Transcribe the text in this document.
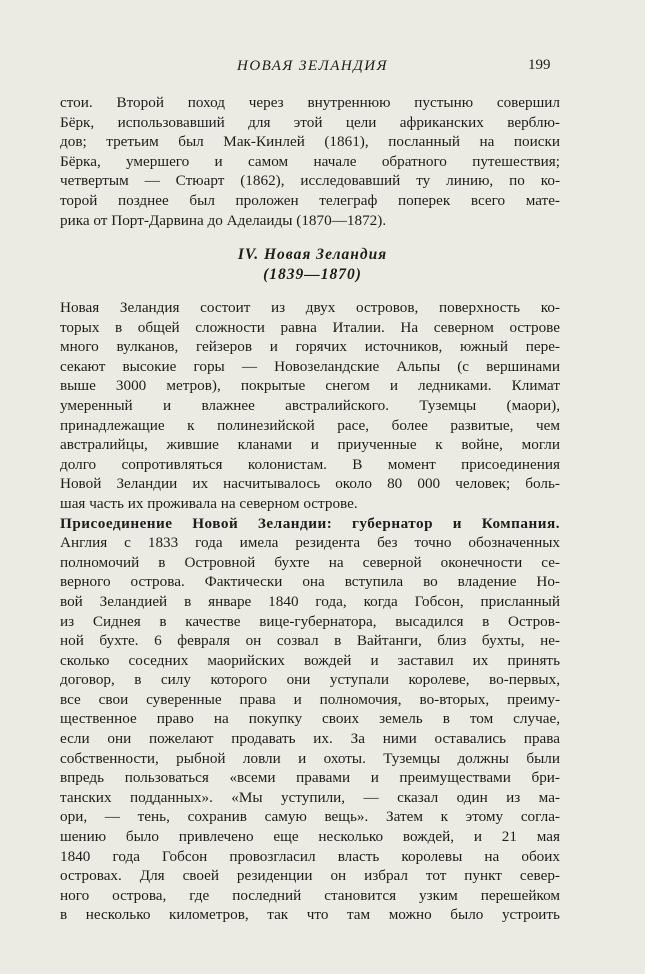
НОВАЯ ЗЕЛАНДИЯ	199
стои. Второй поход через внутреннюю пустыню совершил
Бёрк, использовавший для этой цели африканских верблю-
дов; третьим был Мак-Кинлей (1861), посланный на поиски
Бёрка, умершего и самом начале обратного путешествия;
четвертым — Стюарт (1862), исследовавший ту линию, по ко-
торой позднее был проложен телеграф поперек всего мате-
рика от Порт-Дарвина до Аделаиды (1870—1872).
IV. Новая Зеландия
(1839—1870)
Новая Зеландия состоит из двух островов, поверхность ко-
торых в общей сложности равна Италии. На северном острове
много вулканов, гейзеров и горячих источников, южный пере-
секают высокие горы — Новозеландские Альпы (с вершинами
выше 3000 метров), покрытые снегом и ледниками. Климат
умеренный и влажнее австралийского. Туземцы (маори),
принадлежащие к полинезийской расе, более развитые, чем
австралийцы, жившие кланами и приученные к войне, могли
долго сопротивляться колонистам. В момент присоединения
Новой Зеландии их насчитывалось около 80 000 человек; боль-
шая часть их проживала на северном острове.
Присоединение Новой Зеландии: губернатор и Компания.
Англия с 1833 года имела резидента без точно обозначенных
полномочий в Островной бухте на северной оконечности се-
верного острова. Фактически она вступила во владение Но-
вой Зеландией в январе 1840 года, когда Гобсон, присланный
из Сиднея в качестве вице-губернатора, высадился в Остров-
ной бухте. 6 февраля он созвал в Вайтанги, близ бухты, не-
сколько соседних маорийских вождей и заставил их принять
договор, в силу которого они уступали королеве, во-первых,
все свои суверенные права и полномочия, во-вторых, преиму-
щественное право на покупку своих земель в том случае,
если они пожелают продавать их. За ними оставались права
собственности, рыбной ловли и охоты. Туземцы должны были
впредь пользоваться «всеми правами и преимуществами бри-
танских подданных». «Мы уступили, — сказал один из ма-
ори, — тень, сохранив самую вещь». Затем к этому согла-
шению было привлечено еще несколько вождей, и 21 мая
1840 года Гобсон провозгласил власть королевы на обоих
островах. Для своей резиденции он избрал тот пункт север-
ного острова, где последний становится узким перешейком
в несколько километров, так что там можно было устроить
